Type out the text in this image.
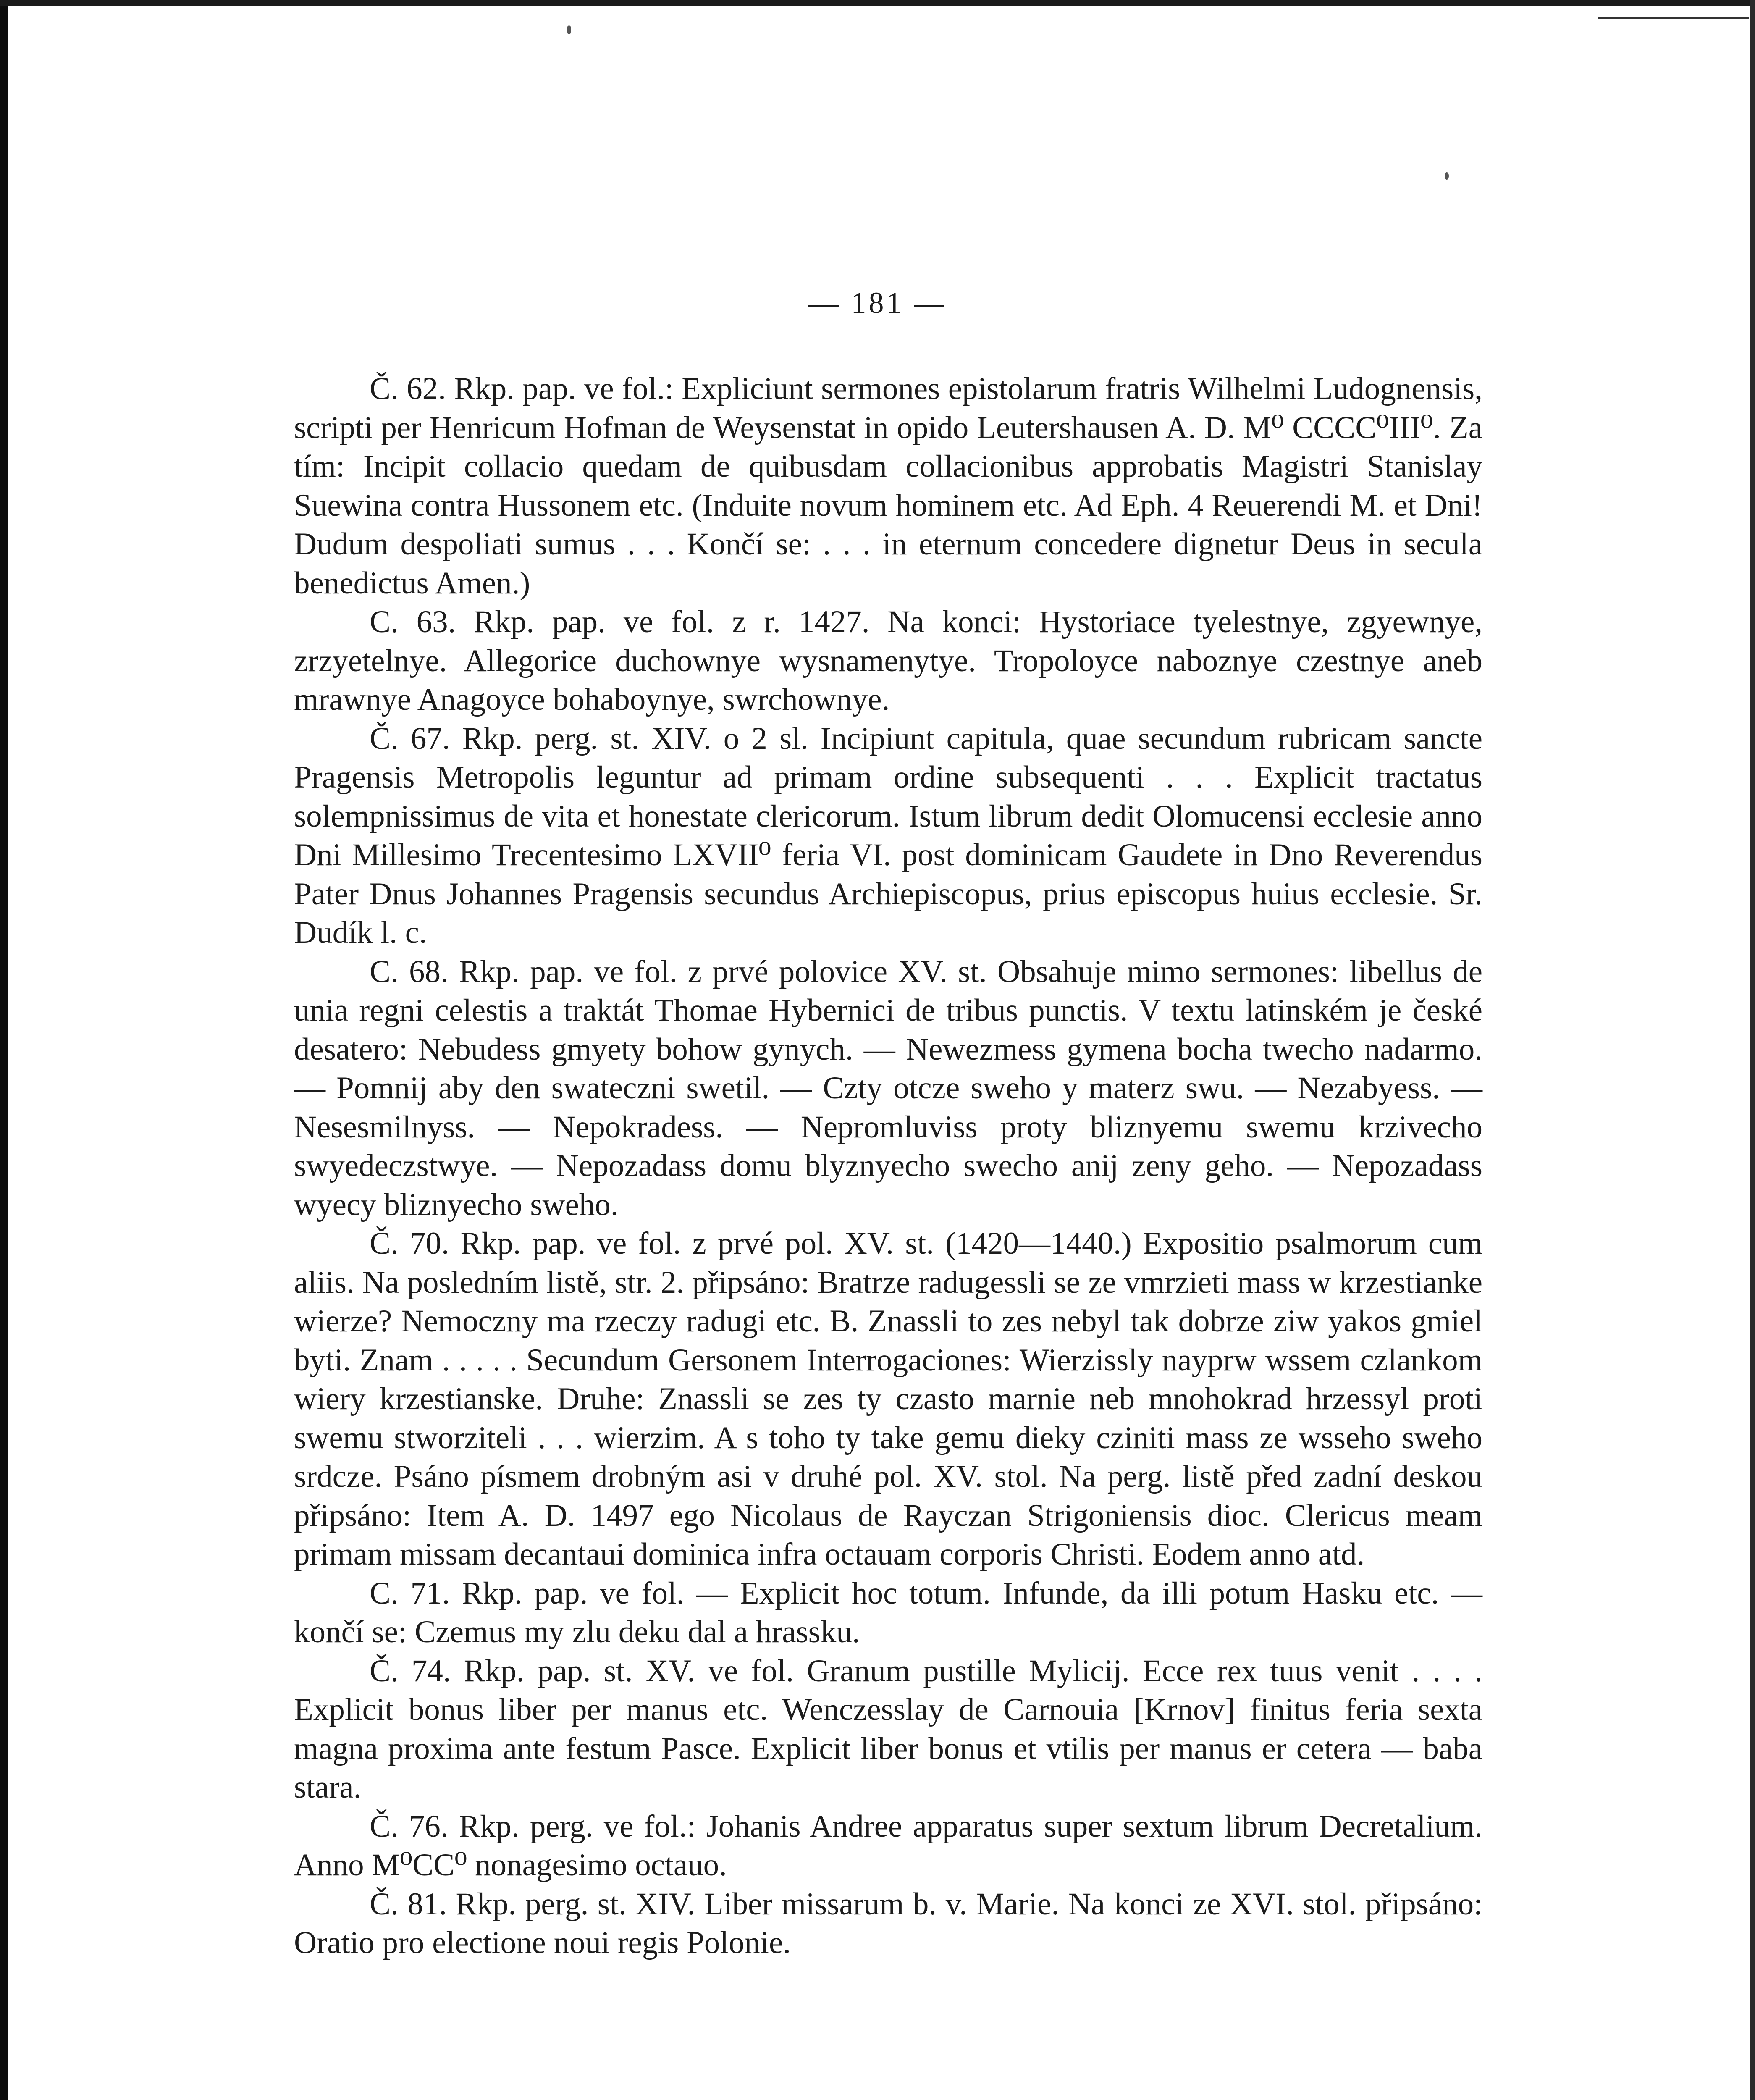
— 181 —

Č. 62. Rkp. pap. ve fol.: Expliciunt sermones epistolarum fratris Wilhelmi Ludognensis, scripti per Henricum Hofman de Weysenstat in opido Leutershausen A. D. M⁰ CCCC⁰III⁰. Za tím: Incipit collacio quedam de quibusdam collacionibus approbatis Magistri Stanislay Suewina contra Hussonem etc. (Induite novum hominem etc. Ad Eph. 4 Reuerendi M. et Dni! Dudum despoliati sumus . . . Končí se: . . . in eternum concedere dignetur Deus in secula benedictus Amen.)

C. 63. Rkp. pap. ve fol. z r. 1427. Na konci: Hystoriace tyelestnye, zgyewnye, zrzyetelnye. Allegorice duchownye wysnamenytye. Tropoloyce naboznye czestnye aneb mrawnye Anagoyce bohaboynye, swrchownye.

Č. 67. Rkp. perg. st. XIV. o 2 sl. Incipiunt capitula, quae secundum rubricam sancte Pragensis Metropolis leguntur ad primam ordine subsequenti . . . Explicit tractatus solempnissimus de vita et honestate clericorum. Istum librum dedit Olomucensi ecclesie anno Dni Millesimo Trecentesimo LXVII⁰ feria VI. post dominicam Gaudete in Dno Reverendus Pater Dnus Johannes Pragensis secundus Archiepiscopus, prius episcopus huius ecclesie. Sr. Dudík l. c.

C. 68. Rkp. pap. ve fol. z prvé polovice XV. st. Obsahuje mimo sermones: libellus de unia regni celestis a traktát Thomae Hybernici de tribus punctis. V textu latinském je české desatero: Nebudess gmyety bohow gynych. — Newezmess gymena bocha twecho nadarmo. — Pomnij aby den swateczni swetil. — Czty otcze sweho y materz swu. — Nezabyess. — Nesesmilnyss. — Nepokradess. — Nepromluviss proty bliznyemu swemu krzivecho swyedeczstwye. — Nepozadass domu blyznyecho swecho anij zeny geho. — Nepozadass wyecy bliznyecho sweho.

Č. 70. Rkp. pap. ve fol. z prvé pol. XV. st. (1420—1440.) Expositio psalmorum cum aliis. Na posledním listě, str. 2. připsáno: Bratrze radugessli se ze vmrzieti mass w krzestianke wierze? Nemoczny ma rzeczy radugi etc. B. Znassli to zes nebyl tak dobrze ziw yakos gmiel byti. Znam . . . . . Secundum Gersonem Interrogaciones: Wierzissly nayprw wssem czlankom wiery krzestianske. Druhe: Znassli se zes ty czasto marnie neb mnohokrad hrzessyl proti swemu stworziteli . . . wierzim. A s toho ty take gemu dieky cziniti mass ze wsseho sweho srdcze. Psáno písmem drobným asi v druhé pol. XV. stol. Na perg. listě před zadní deskou připsáno: Item A. D. 1497 ego Nicolaus de Rayczan Strigoniensis dioc. Clericus meam primam missam decantaui dominica infra octauam corporis Christi. Eodem anno atd.

C. 71. Rkp. pap. ve fol. — Explicit hoc totum. Infunde, da illi potum Hasku etc. — končí se: Czemus my zlu deku dal a hrassku.

Č. 74. Rkp. pap. st. XV. ve fol. Granum pustille Mylicij. Ecce rex tuus venit . . . . Explicit bonus liber per manus etc. Wenczesslay de Carnouia [Krnov] finitus feria sexta magna proxima ante festum Pasce. Explicit liber bonus et vtilis per manus er cetera — baba stara.

Č. 76. Rkp. perg. ve fol.: Johanis Andree apparatus super sextum librum Decretalium. Anno M⁰CC⁰ nonagesimo octauo.

Č. 81. Rkp. perg. st. XIV. Liber missarum b. v. Marie. Na konci ze XVI. stol. připsáno: Oratio pro electione noui regis Polonie.
